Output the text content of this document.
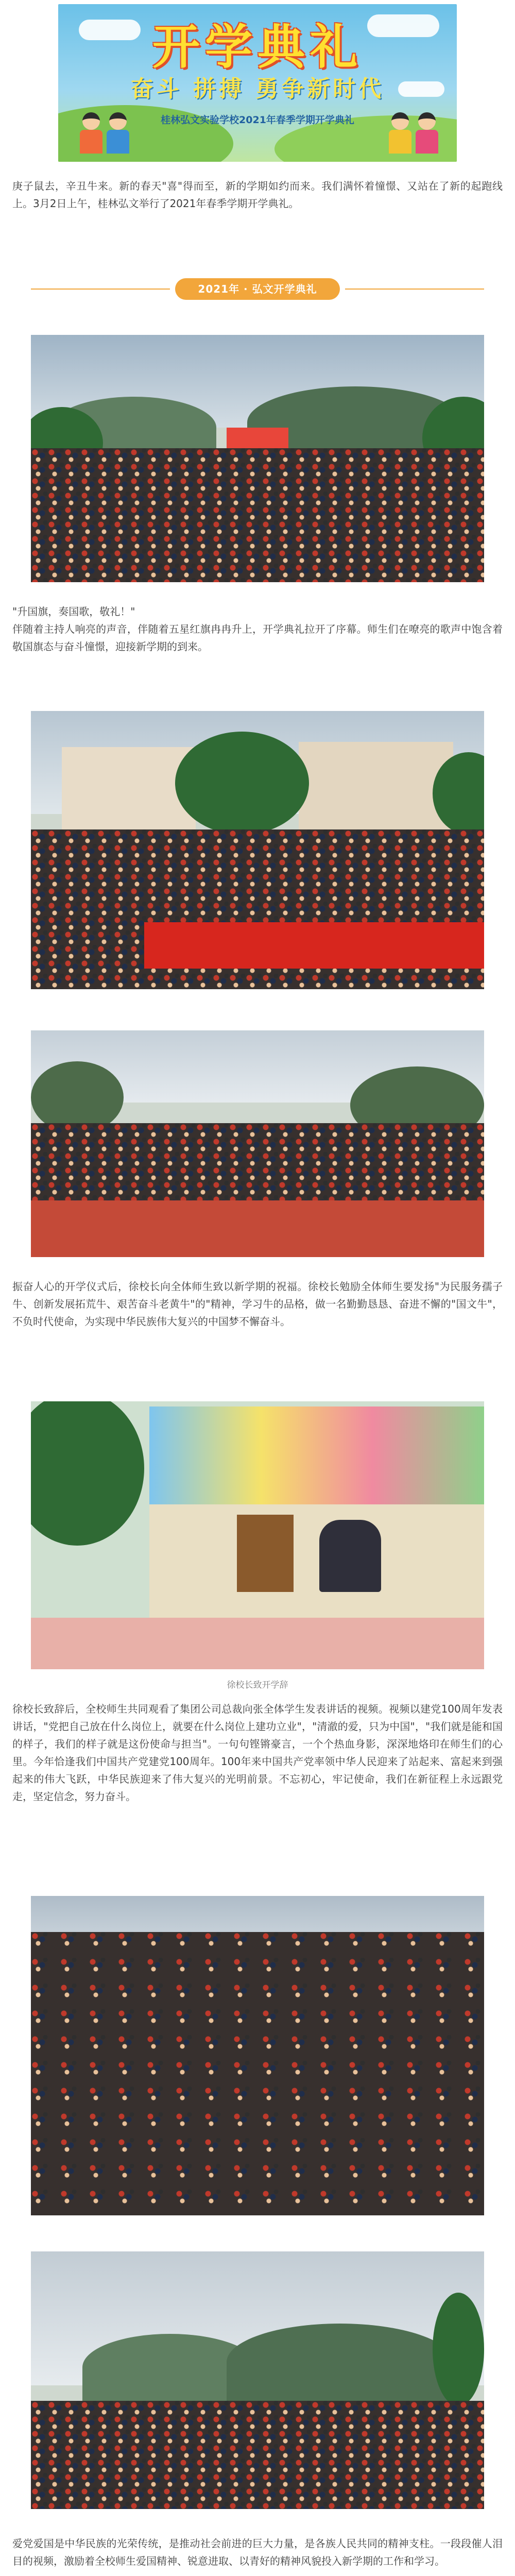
开学典礼
奋斗 拼搏 勇争新时代
桂林弘文实验学校2021年春季学期开学典礼

庚子鼠去，辛丑牛来。新的春天"喜"得而至，新的学期如约而来。我们满怀着憧憬、又站在了新的起跑线上。3月2日上午，桂林弘文举行了2021年春季学期开学典礼。

2021年 · 弘文开学典礼

"升国旗，奏国歌，敬礼！"
伴随着主持人响亮的声音，伴随着五星红旗冉冉升上，开学典礼拉开了序幕。师生们在嘹亮的歌声中饱含着敬国旗态与奋斗憧憬，迎接新学期的到来。

振奋人心的开学仪式后，徐校长向全体师生致以新学期的祝福。徐校长勉励全体师生要发扬"为民服务孺子牛、创新发展拓荒牛、艰苦奋斗老黄牛"的"精神，学习牛的品格，做一名勤勤恳恳、奋进不懈的"国文牛"，不负时代使命，为实现中华民族伟大复兴的中国梦不懈奋斗。

徐校长致开学辞

徐校长致辞后，全校师生共同观看了集团公司总裁向张全体学生发表讲话的视频。视频以建党100周年发表讲话，"党把自己放在什么岗位上，就要在什么岗位上建功立业"，"清澈的爱，只为中国"，"我们就是能和国的样子，我们的样子就是这份使命与担当"。一句句铿锵豪言，一个个热血身影，深深地烙印在师生们的心里。今年恰逢我们中国共产党建党100周年。100年来中国共产党率领中华人民迎来了站起来、富起来到强起来的伟大飞跃，中华民族迎来了伟大复兴的光明前景。不忘初心，牢记使命，我们在新征程上永远跟党走，坚定信念，努力奋斗。

爱党爱国是中华民族的光荣传统，是推动社会前进的巨大力量，是各族人民共同的精神支柱。一段段催人泪目的视频，激励着全校师生爱国精神、锐意进取、以青好的精神风貌投入新学期的工作和学习。
